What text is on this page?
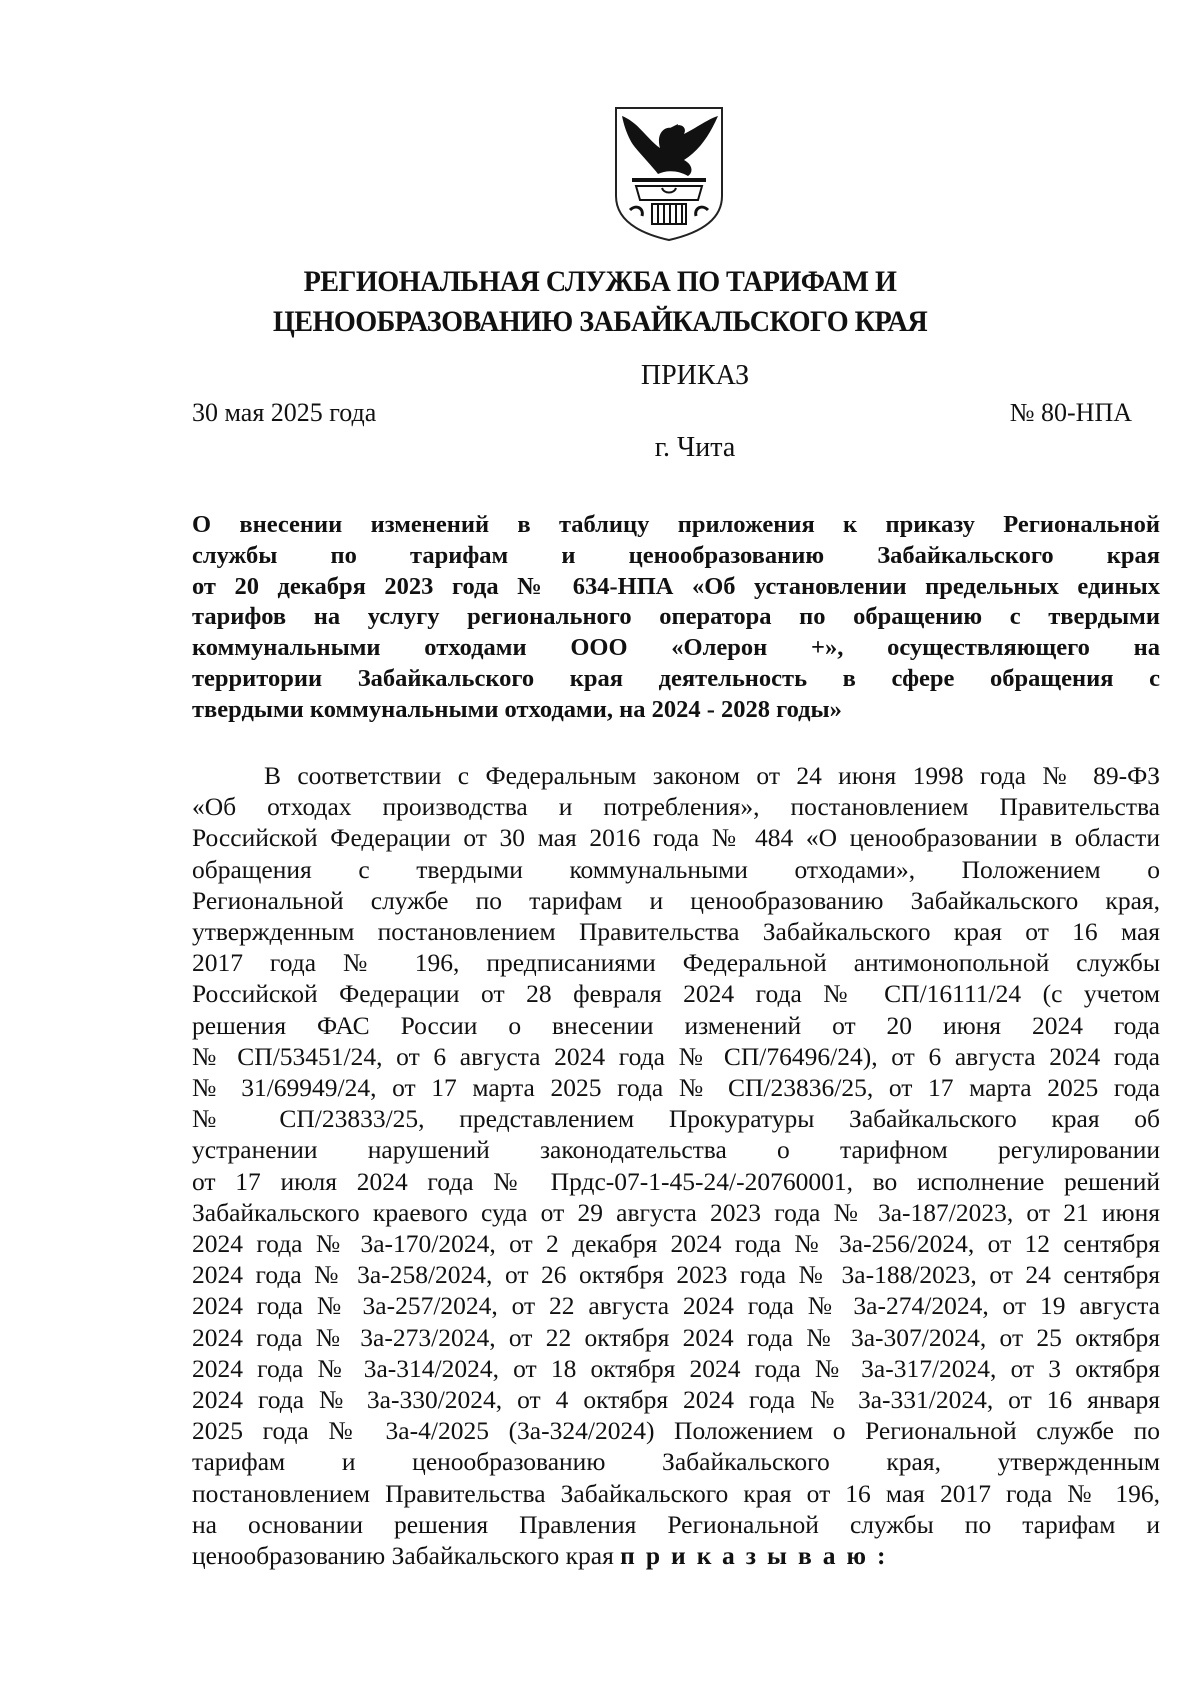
РЕГИОНАЛЬНАЯ СЛУЖБА ПО ТАРИФАМ И
ЦЕНООБРАЗОВАНИЮ ЗАБАЙКАЛЬСКОГО КРАЯ
ПРИКАЗ
30 мая 2025 года	№ 80-НПА
г. Чита
О внесении изменений в таблицу приложения к приказу Региональной
службы по тарифам и ценообразованию Забайкальского края
от 20 декабря 2023 года № 634-НПА «Об установлении предельных единых
тарифов на услугу регионального оператора по обращению с твердыми
коммунальными отходами ООО «Олерон +», осуществляющего на
территории Забайкальского края деятельность в сфере обращения с
твердыми коммунальными отходами, на 2024 - 2028 годы»
В соответствии с Федеральным законом от 24 июня 1998 года № 89-ФЗ
«Об отходах производства и потребления», постановлением Правительства
Российской Федерации от 30 мая 2016 года № 484 «О ценообразовании в области
обращения с твердыми коммунальными отходами», Положением о
Региональной службе по тарифам и ценообразованию Забайкальского края,
утвержденным постановлением Правительства Забайкальского края от 16 мая
2017 года № 196, предписаниями Федеральной антимонопольной службы
Российской Федерации от 28 февраля 2024 года № СП/16111/24 (с учетом
решения ФАС России о внесении изменений от 20 июня 2024 года
№ СП/53451/24, от 6 августа 2024 года № СП/76496/24), от 6 августа 2024 года
№ 31/69949/24, от 17 марта 2025 года № СП/23836/25, от 17 марта 2025 года
№ СП/23833/25, представлением Прокуратуры Забайкальского края об
устранении нарушений законодательства о тарифном регулировании
от 17 июля 2024 года № Прдс-07-1-45-24/-20760001, во исполнение решений
Забайкальского краевого суда от 29 августа 2023 года № 3а-187/2023, от 21 июня
2024 года № 3а-170/2024, от 2 декабря 2024 года № 3а-256/2024, от 12 сентября
2024 года № 3а-258/2024, от 26 октября 2023 года № 3а-188/2023, от 24 сентября
2024 года № 3а-257/2024, от 22 августа 2024 года № 3а-274/2024, от 19 августа
2024 года № 3а-273/2024, от 22 октября 2024 года № 3а-307/2024, от 25 октября
2024 года № 3а-314/2024, от 18 октября 2024 года № 3а-317/2024, от 3 октября
2024 года № 3а-330/2024, от 4 октября 2024 года № 3а-331/2024, от 16 января
2025 года № 3а-4/2025 (3а-324/2024) Положением о Региональной службе по
тарифам и ценообразованию Забайкальского края, утвержденным
постановлением Правительства Забайкальского края от 16 мая 2017 года № 196,
на основании решения Правления Региональной службы по тарифам и
ценообразованию Забайкальского края приказываю:
